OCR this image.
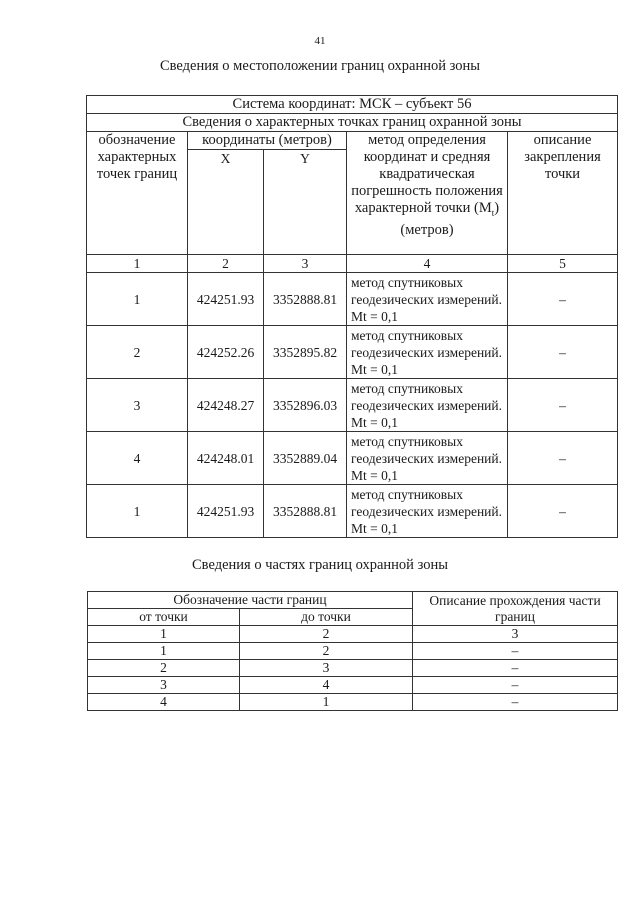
41
Сведения о местоположении границ охранной зоны
Система координат: МСК – субъект 56				
Сведения о характерных точках границ охранной зоны				
обозначение характерных точек границ	координаты (метров)		метод определения координат и средняя квадратическая погрешность положения характерной точки $(M_t)$ (метров)	описание закрепления точки
	X	Y		
1	2	3	4	5
1	424251.93	3352888.81	метод спутниковых геодезических измерений. Mt = 0,1	–
2	424252.26	3352895.82	метод спутниковых геодезических измерений. Mt = 0,1	–
3	424248.27	3352896.03	метод спутниковых геодезических измерений. Mt = 0,1	–
4	424248.01	3352889.04	метод спутниковых геодезических измерений. Mt = 0,1	–
1	424251.93	3352888.81	метод спутниковых геодезических измерений. Mt = 0,1	–
Сведения о частях границ охранной зоны
Обозначение части границ		Описание прохождения части границ
от точки	до точки	
1	2	3
1	2	–
2	3	–
3	4	–
4	1	–
